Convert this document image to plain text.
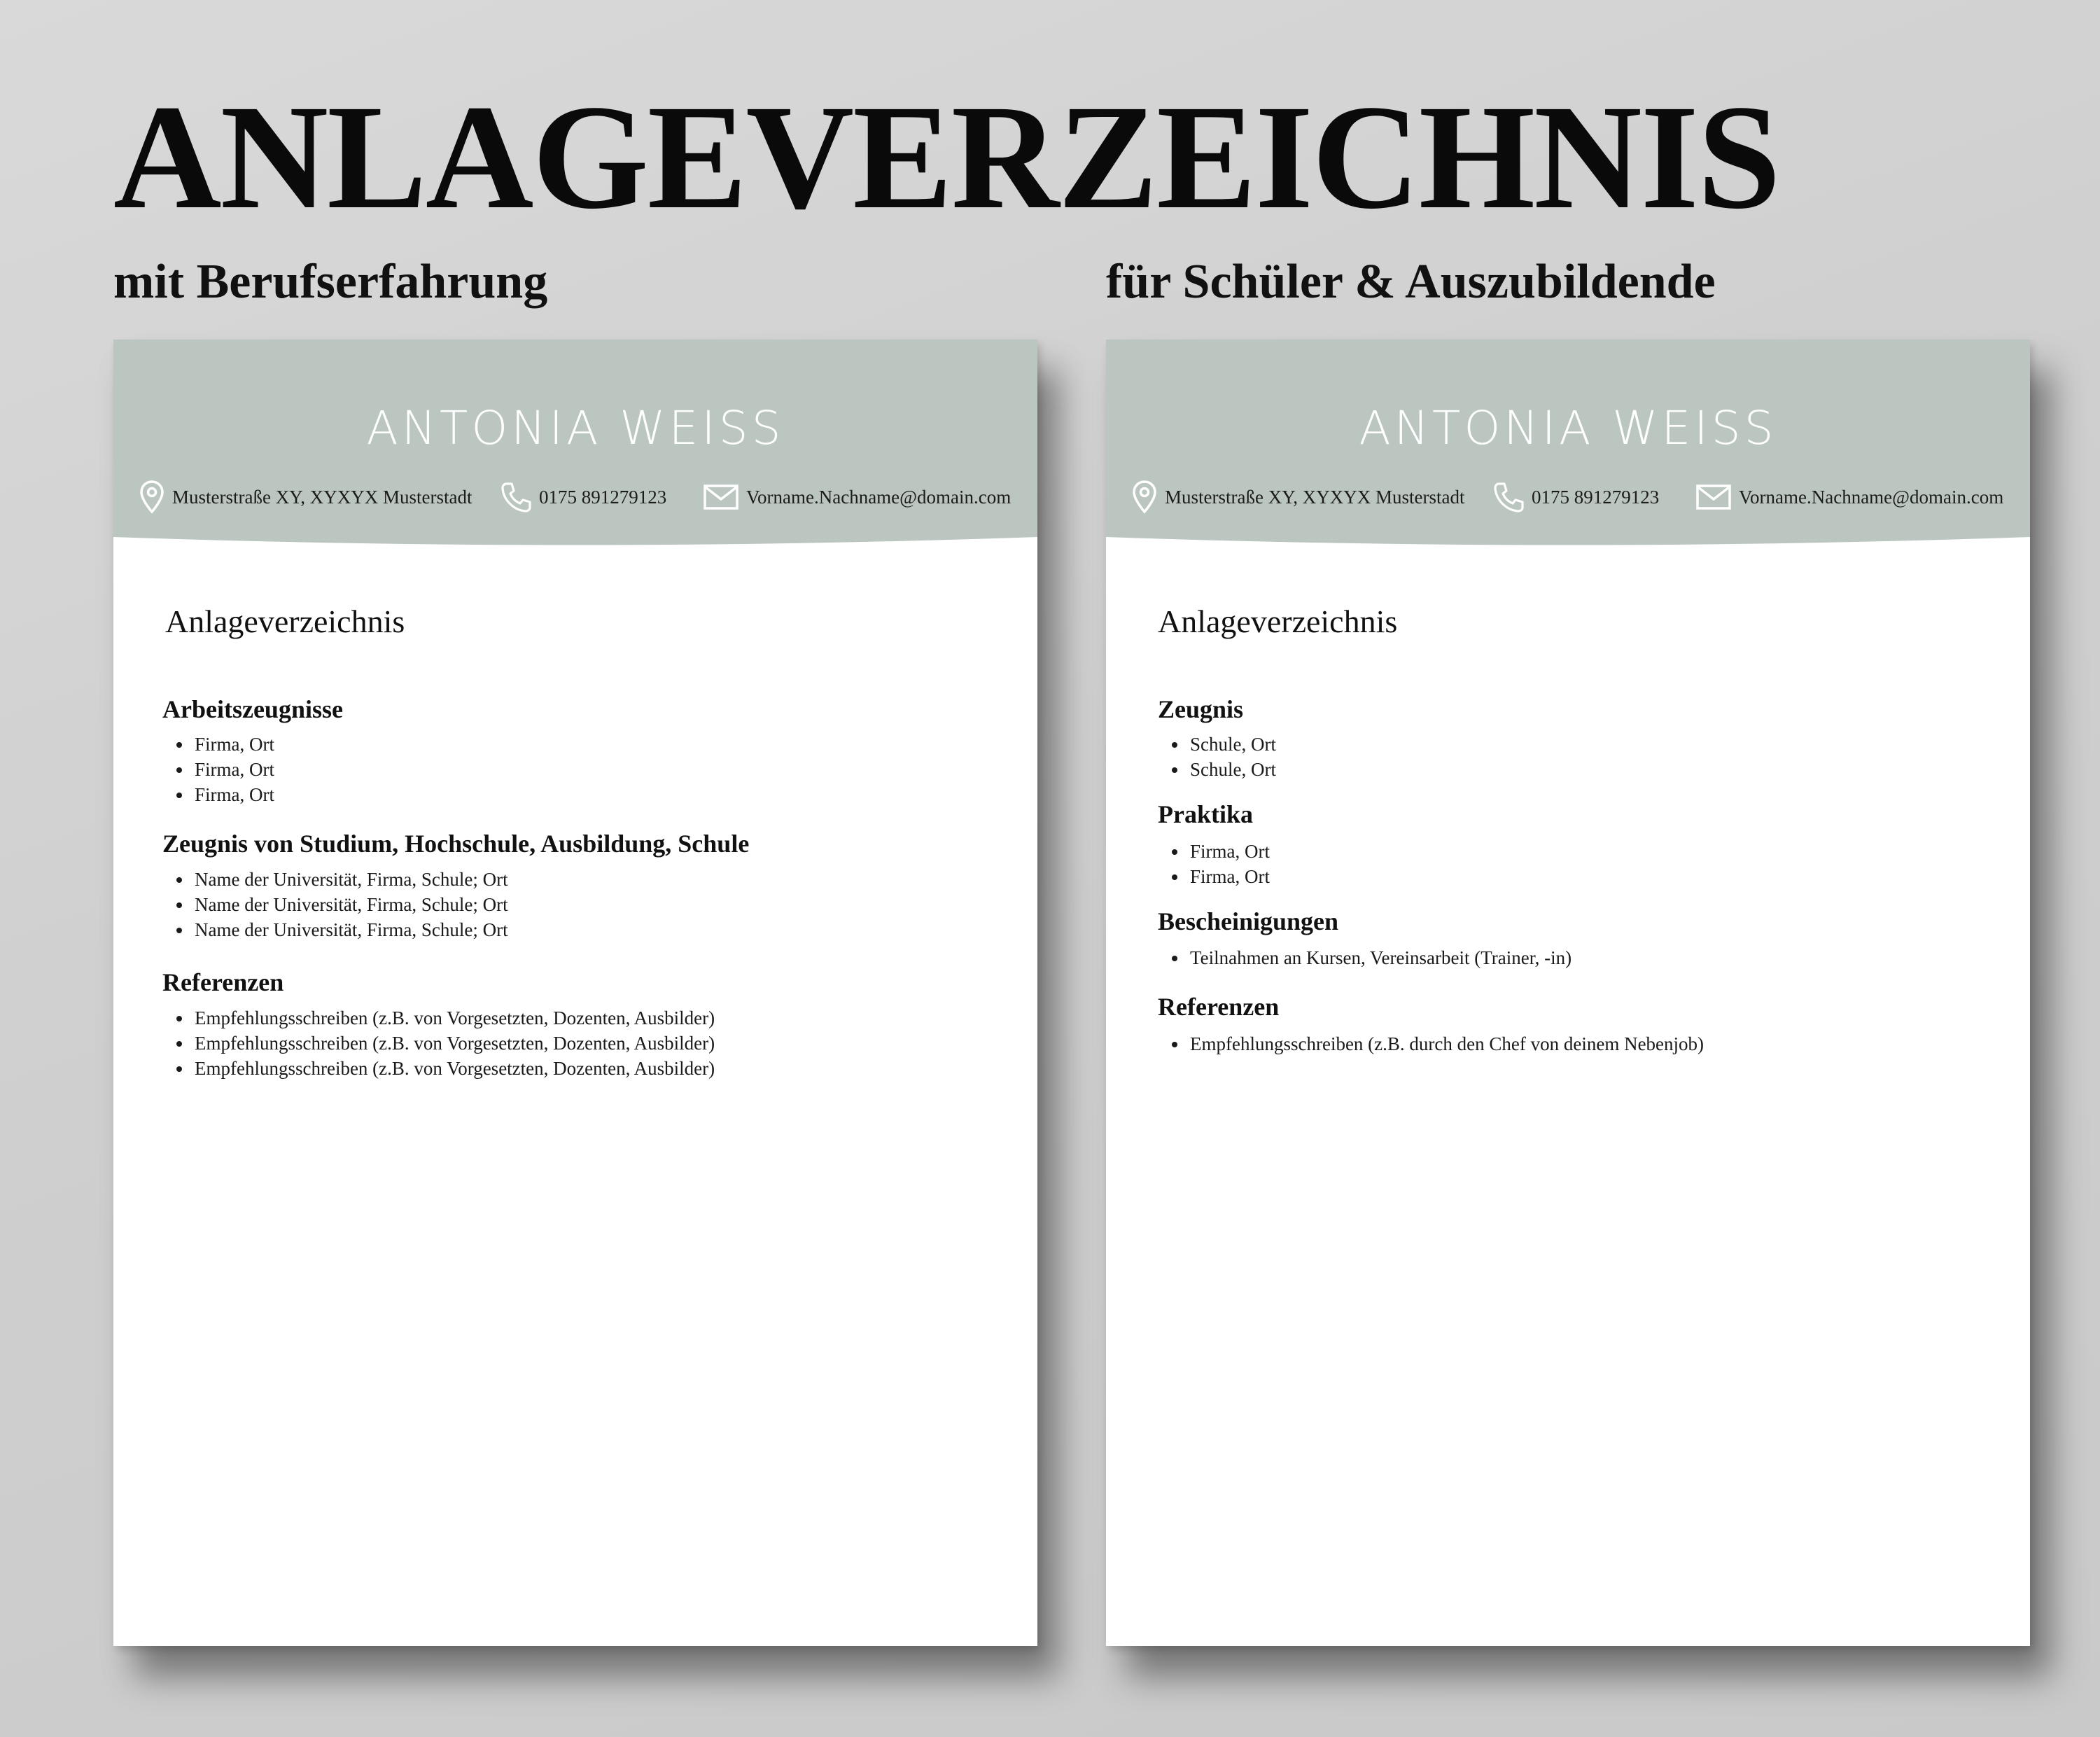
ANLAGEVERZEICHNIS
mit Berufserfahrung	für Schüler & Auszubildende
ANTONIA WEISS
Musterstraße XY, XYXYX Musterstadt	0175 891279123	Vorname.Nachname@domain.com
Anlageverzeichnis
Arbeitszeugnisse

Firma, Ort

Firma, Ort

Firma, Ort

Zeugnis von Studium, Hochschule, Ausbildung, Schule

Name der Universität, Firma, Schule; Ort

Name der Universität, Firma, Schule; Ort

Name der Universität, Firma, Schule; Ort

Referenzen

Empfehlungsschreiben (z.B. von Vorgesetzten, Dozenten, Ausbilder)

Empfehlungsschreiben (z.B. von Vorgesetzten, Dozenten, Ausbilder)

Empfehlungsschreiben (z.B. von Vorgesetzten, Dozenten, Ausbilder)

ANTONIA WEISS
Musterstraße XY, XYXYX Musterstadt	0175 891279123	Vorname.Nachname@domain.com
Anlageverzeichnis
Zeugnis

Schule, Ort

Schule, Ort

Praktika

Firma, Ort

Firma, Ort

Bescheinigungen

Teilnahmen an Kursen, Vereinsarbeit (Trainer, -in)

Referenzen

Empfehlungsschreiben (z.B. durch den Chef von deinem Nebenjob)
